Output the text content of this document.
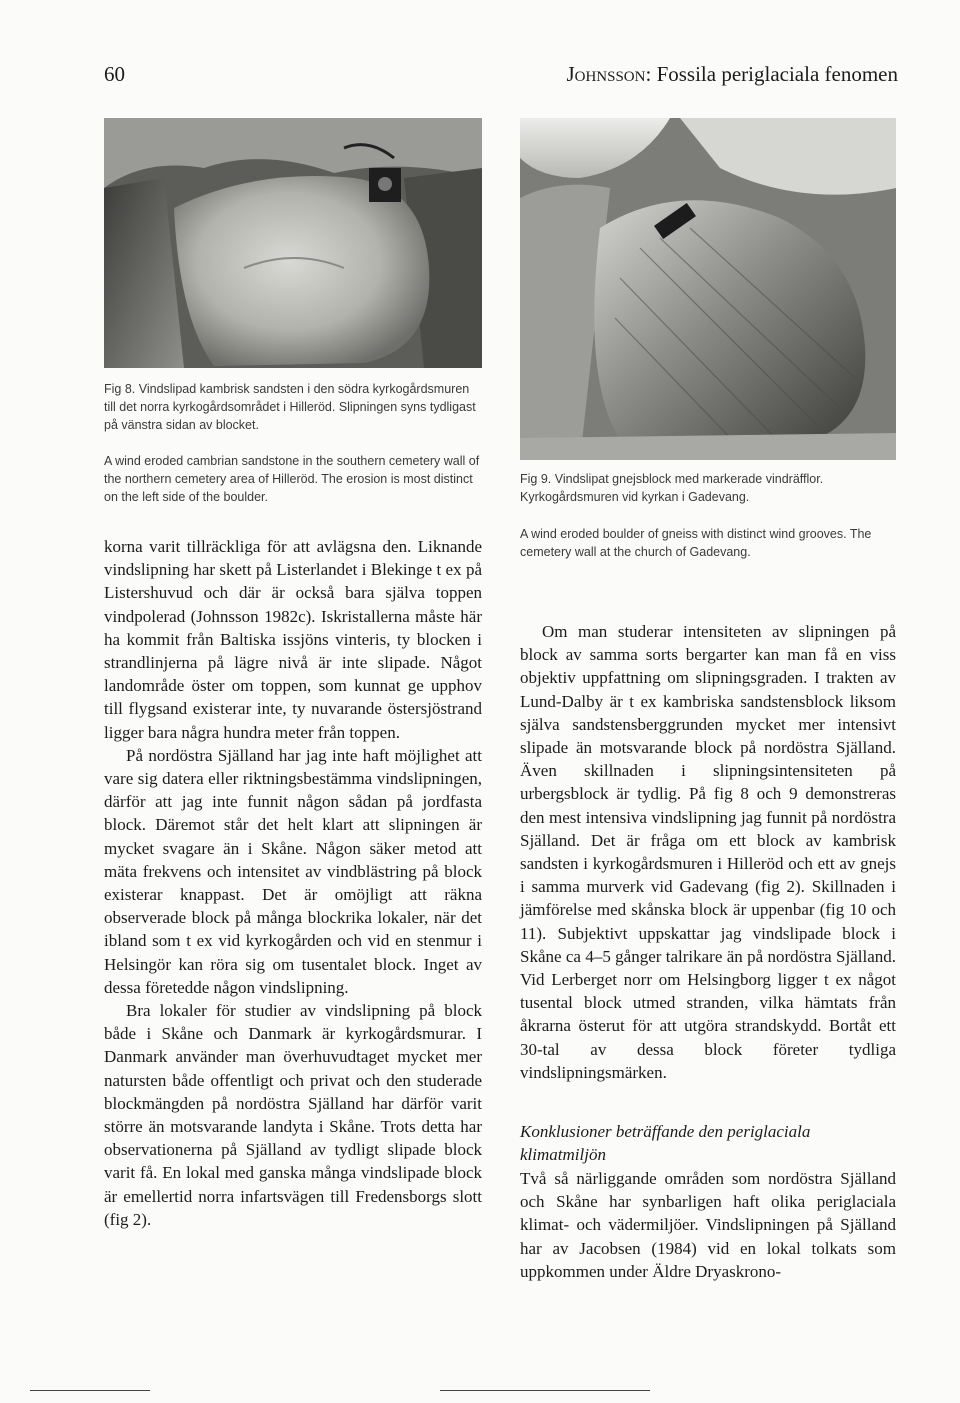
60	Johnsson: Fossila periglaciala fenomen

Fig 8. Vindslipad kambrisk sandsten i den södra kyrkogårdsmuren till det norra kyrkogårdsområdet i Hilleröd. Slipningen syns tydligast på vänstra sidan av blocket.

A wind eroded cambrian sandstone in the southern cemetery wall of the northern cemetery area of Hilleröd. The erosion is most distinct on the left side of the boulder.

Fig 9. Vindslipat gnejsblock med markerade vindräfflor. Kyrkogårdsmuren vid kyrkan i Gadevang.

A wind eroded boulder of gneiss with distinct wind grooves. The cemetery wall at the church of Gadevang.

korna varit tillräckliga för att avlägsna den. Liknande vindslipning har skett på Listerlandet i Blekinge t ex på Listershuvud och där är också bara själva toppen vindpolerad (Johnsson 1982c). Iskristallerna måste här ha kommit från Baltiska issjöns vinteris, ty blocken i strandlinjerna på lägre nivå är inte slipade. Något landområde öster om toppen, som kunnat ge upphov till flygsand existerar inte, ty nuvarande östersjöstrand ligger bara några hundra meter från toppen.

På nordöstra Själland har jag inte haft möjlighet att vare sig datera eller riktningsbestämma vindslipningen, därför att jag inte funnit någon sådan på jordfasta block. Däremot står det helt klart att slipningen är mycket svagare än i Skåne. Någon säker metod att mäta frekvens och intensitet av vindblästring på block existerar knappast. Det är omöjligt att räkna observerade block på många blockrika lokaler, när det ibland som t ex vid kyrkogården och vid en stenmur i Helsingör kan röra sig om tusentalet block. Inget av dessa företedde någon vindslipning.

Bra lokaler för studier av vindslipning på block både i Skåne och Danmark är kyrkogårdsmurar. I Danmark använder man överhuvudtaget mycket mer natursten både offentligt och privat och den studerade blockmängden på nordöstra Själland har därför varit större än motsvarande landyta i Skåne. Trots detta har observationerna på Själland av tydligt slipade block varit få. En lokal med ganska många vindslipade block är emellertid norra infartsvägen till Fredensborgs slott (fig 2).

Om man studerar intensiteten av slipningen på block av samma sorts bergarter kan man få en viss objektiv uppfattning om slipningsgraden. I trakten av Lund-Dalby är t ex kambriska sandstensblock liksom själva sandstensberggrunden mycket mer intensivt slipade än motsvarande block på nordöstra Själland. Även skillnaden i slipningsintensiteten på urbergsblock är tydlig. På fig 8 och 9 demonstreras den mest intensiva vindslipning jag funnit på nordöstra Själland. Det är fråga om ett block av kambrisk sandsten i kyrkogårdsmuren i Hilleröd och ett av gnejs i samma murverk vid Gadevang (fig 2). Skillnaden i jämförelse med skånska block är uppenbar (fig 10 och 11). Subjektivt uppskattar jag vindslipade block i Skåne ca 4–5 gånger talrikare än på nordöstra Själland. Vid Lerberget norr om Helsingborg ligger t ex något tusental block utmed stranden, vilka hämtats från åkrarna österut för att utgöra strandskydd. Bortåt ett 30-tal av dessa block företer tydliga vindslipningsmärken.

Konklusioner beträffande den periglaciala klimatmiljön

Två så närliggande områden som nordöstra Själland och Skåne har synbarligen haft olika periglaciala klimat- och vädermiljöer. Vindslipningen på Själland har av Jacobsen (1984) vid en lokal tolkats som uppkommen under Äldre Dryaskrono-
